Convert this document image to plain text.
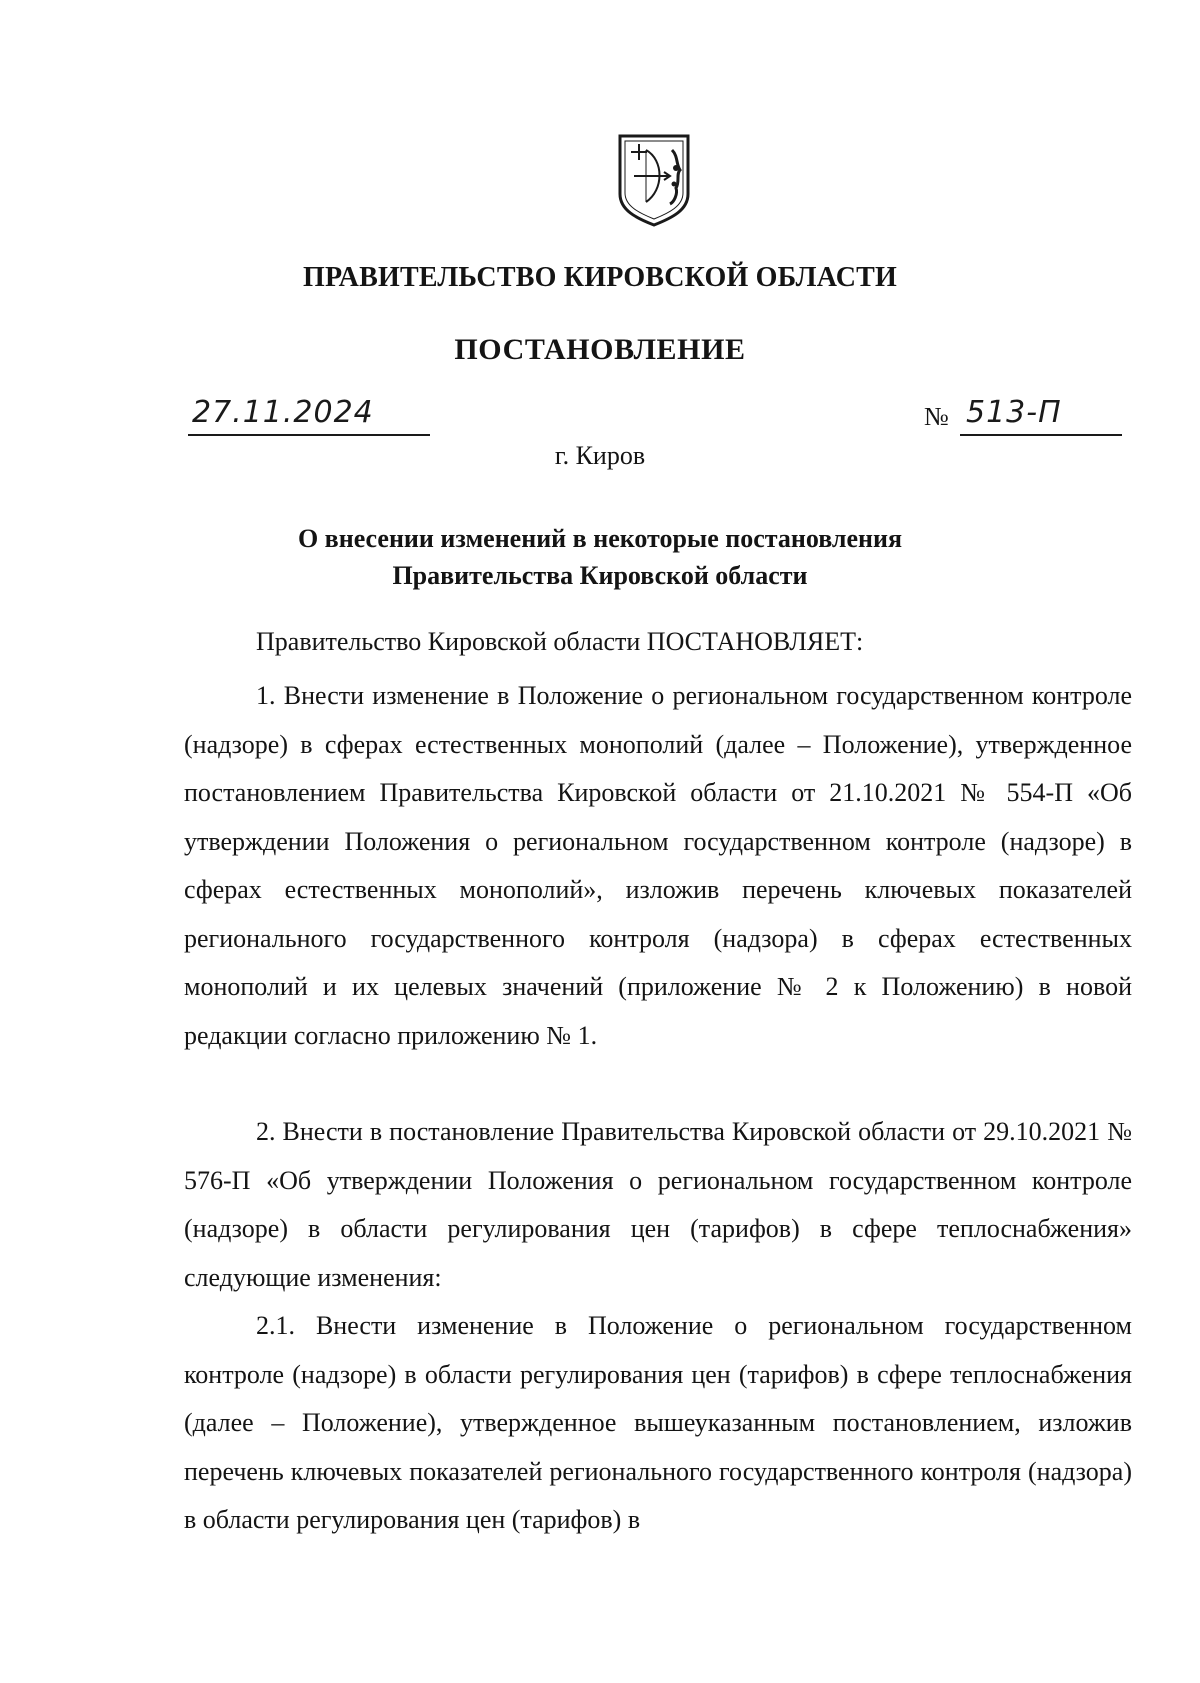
ПРАВИТЕЛЬСТВО КИРОВСКОЙ ОБЛАСТИ
ПОСТАНОВЛЕНИЕ
27.11.2024	№ 513-П
г. Киров
О внесении изменений в некоторые постановления
Правительства Кировской области

Правительство Кировской области ПОСТАНОВЛЯЕТ:

1. Внести изменение в Положение о региональном государственном контроле (надзоре) в сферах естественных монополий (далее – Положение), утвержденное постановлением Правительства Кировской области от 21.10.2021 № 554-П «Об утверждении Положения о региональном государственном контроле (надзоре) в сферах естественных монополий», изложив перечень ключевых показателей регионального государственного контроля (надзора) в сферах естественных монополий и их целевых значений (приложение № 2 к Положению) в новой редакции согласно приложению № 1.

2. Внести в постановление Правительства Кировской области от 29.10.2021 № 576-П «Об утверждении Положения о региональном государственном контроле (надзоре) в области регулирования цен (тарифов) в сфере теплоснабжения» следующие изменения:

2.1. Внести изменение в Положение о региональном государственном контроле (надзоре) в области регулирования цен (тарифов) в сфере теплоснабжения (далее – Положение), утвержденное вышеуказанным постановлением, изложив перечень ключевых показателей регионального государственного контроля (надзора) в области регулирования цен (тарифов) в
